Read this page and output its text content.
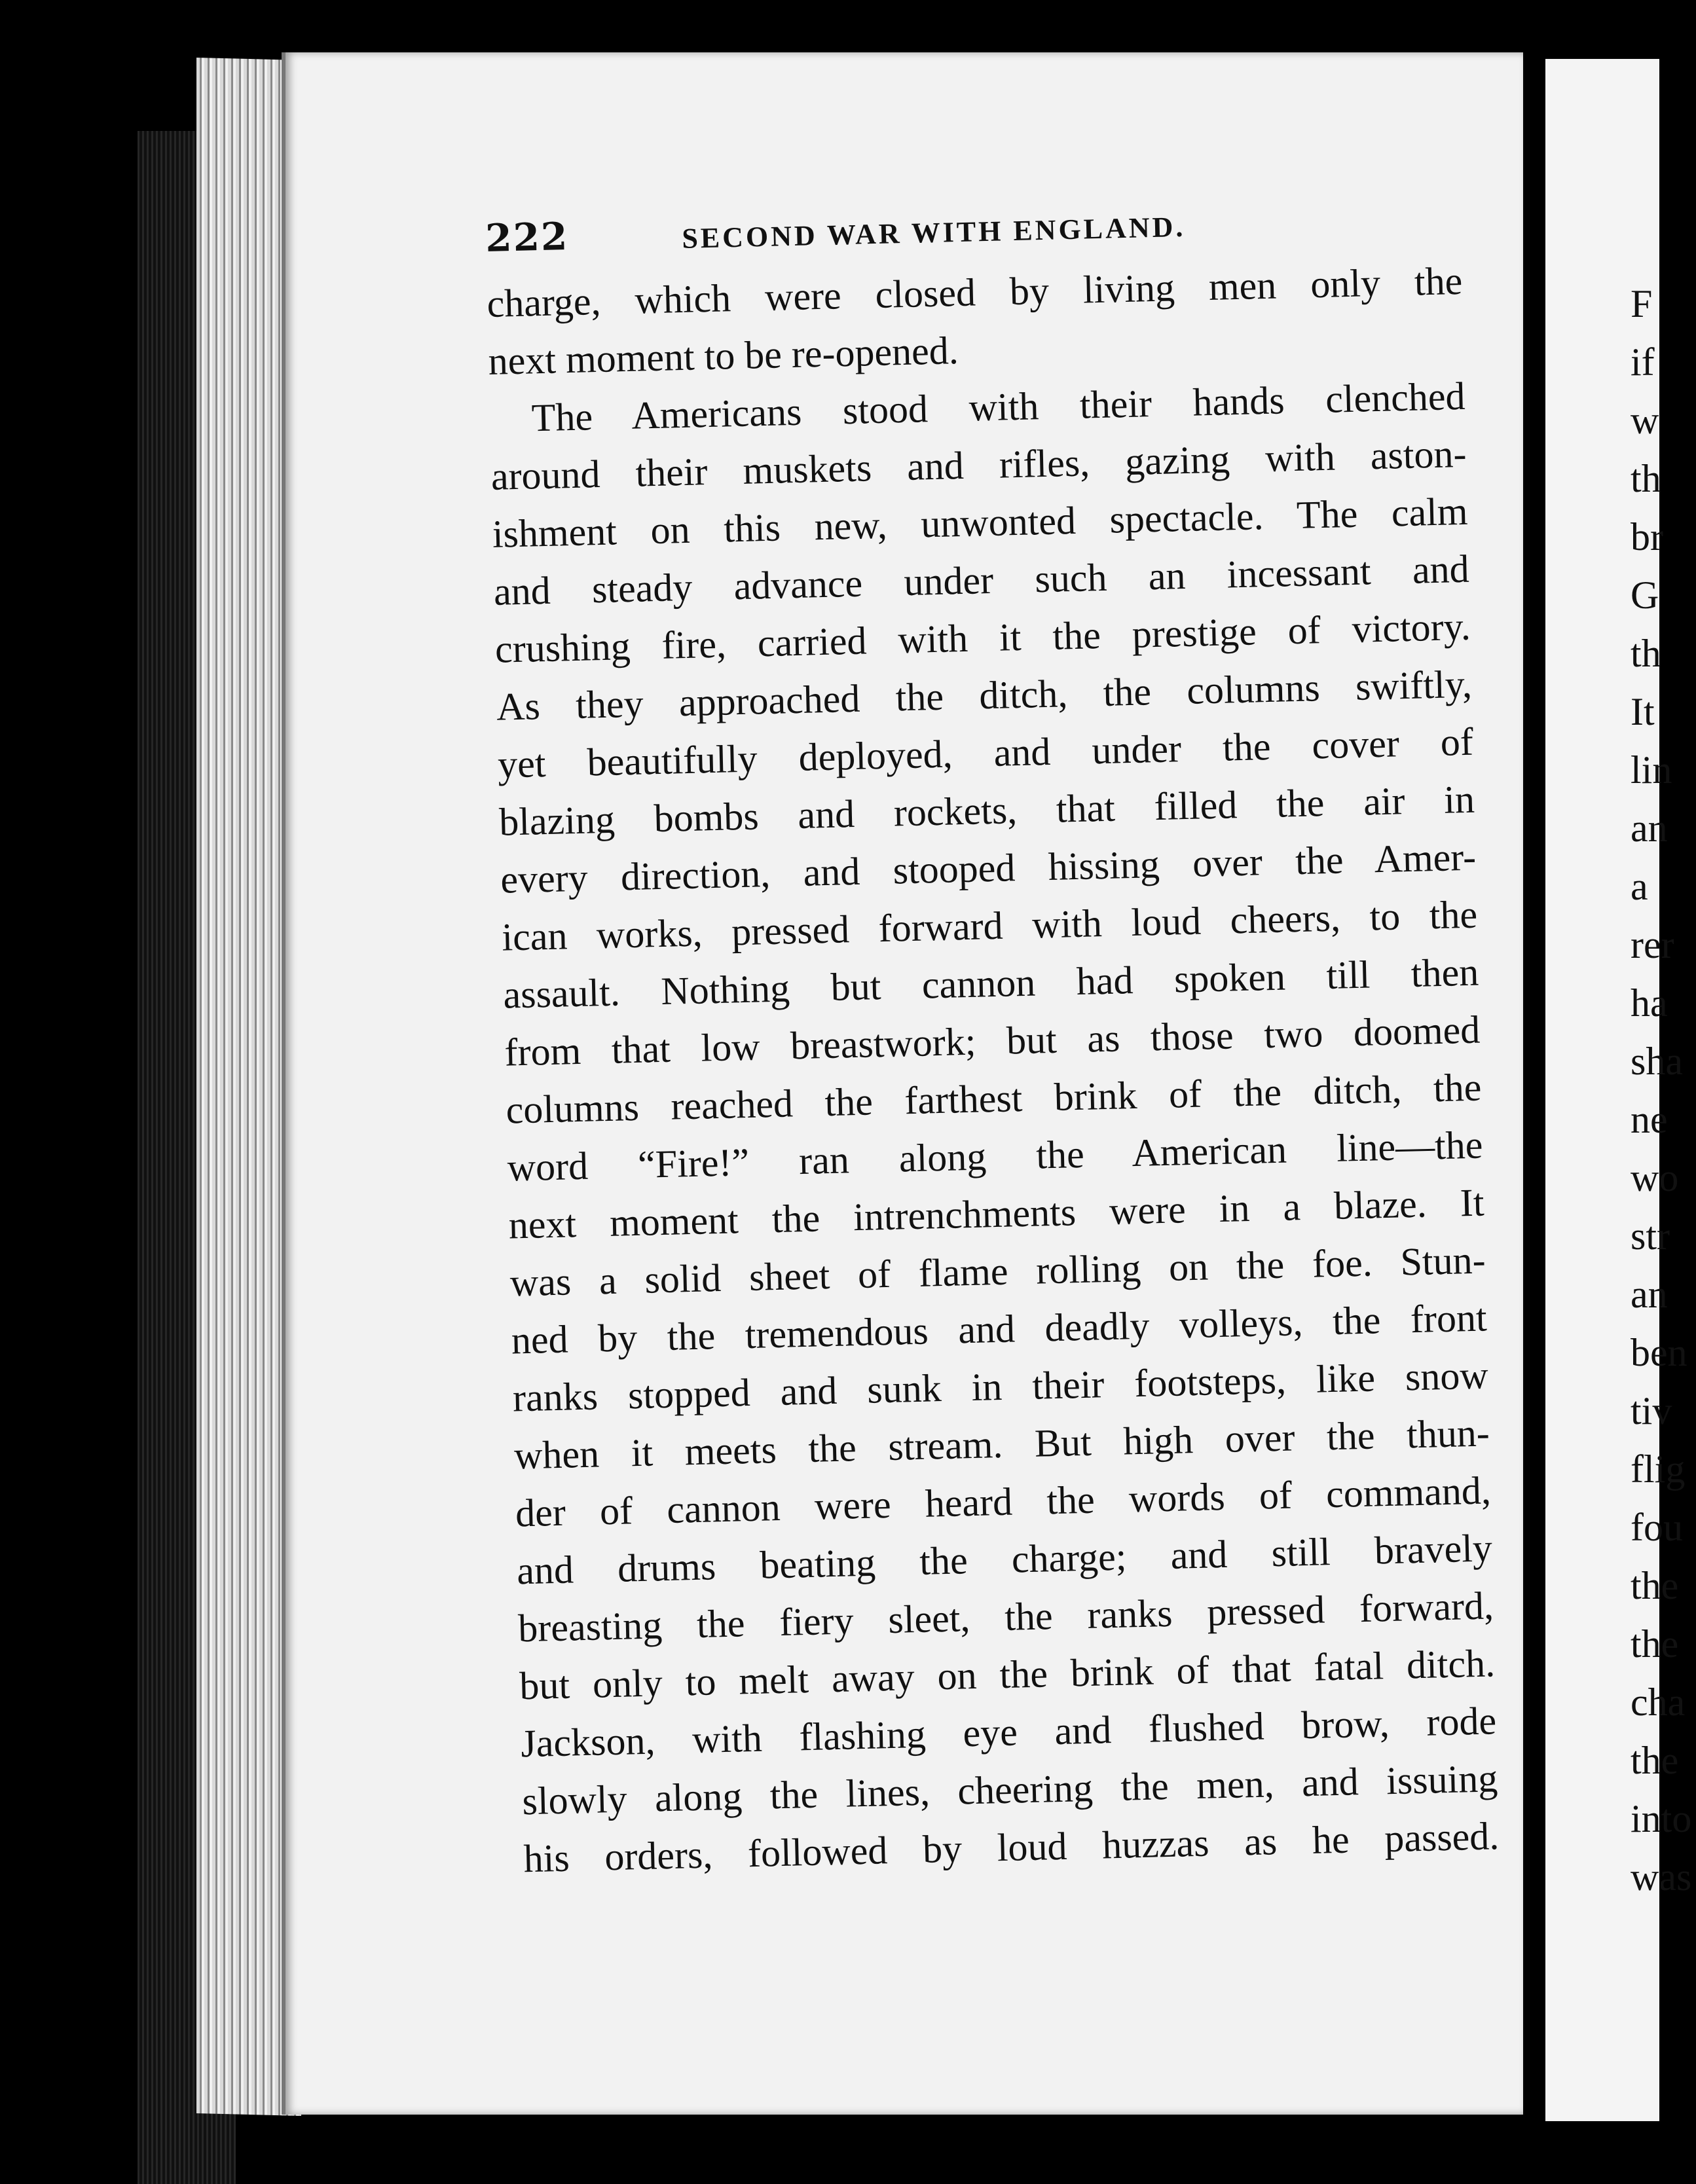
222	SECOND WAR WITH ENGLAND.
charge, which were closed by living men only the
next moment to be re-opened.
The Americans stood with their hands clenched
around their muskets and rifles, gazing with aston-
ishment on this new, unwonted spectacle. The calm
and steady advance under such an incessant and
crushing fire, carried with it the prestige of victory.
As they approached the ditch, the columns swiftly,
yet beautifully deployed, and under the cover of
blazing bombs and rockets, that filled the air in
every direction, and stooped hissing over the Amer-
ican works, pressed forward with loud cheers, to the
assault. Nothing but cannon had spoken till then
from that low breastwork; but as those two doomed
columns reached the farthest brink of the ditch, the
word “Fire!” ran along the American line—the
next moment the intrenchments were in a blaze. It
was a solid sheet of flame rolling on the foe. Stun-
ned by the tremendous and deadly volleys, the front
ranks stopped and sunk in their footsteps, like snow
when it meets the stream. But high over the thun-
der of cannon were heard the words of command,
and drums beating the charge; and still bravely
breasting the fiery sleet, the ranks pressed forward,
but only to melt away on the brink of that fatal ditch.
Jackson, with flashing eye and flushed brow, rode
slowly along the lines, cheering the men, and issuing
his orders, followed by loud huzzas as he passed.
F
if
w
th
br
G
th
It
lin
an
a
rer
ha
sha
ne
wo
str
an
ben
tiv
flig
fou
the
the
cha
the
into
was
